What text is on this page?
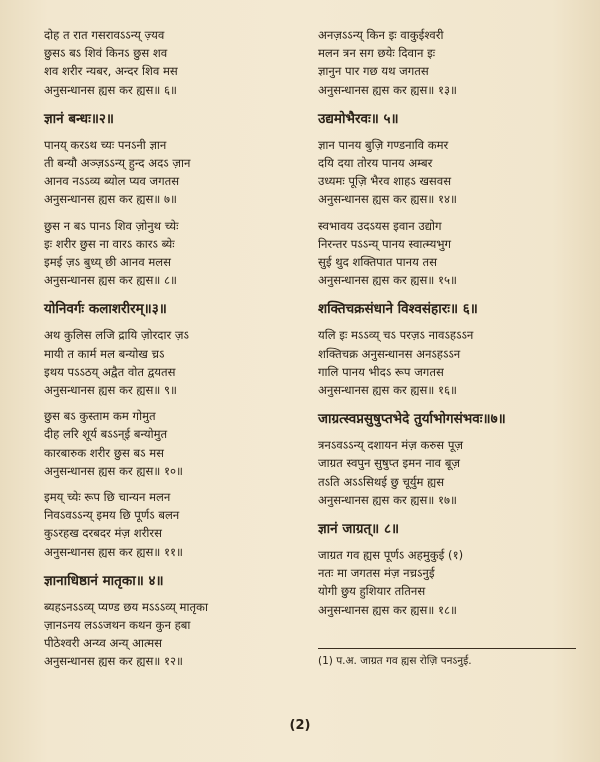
दोह त रात गसरावऽऽन्य् ज़्यव
छुसऽ बऽ शिवं किनऽ छुस शव
शव शरीर न्यबर, अन्दर शिव मस
अनुसन्धानस ह्यस कर ह्यस॥ ६॥
ज्ञानं बन्धः॥२॥
पानय् करऽथ च्यः पनऽनी ज्ञान
ती बन्यौ अञ्ज़ऽऽन्य् हुन्द अदऽ ज़ान
आनव नऽऽव्य ब्योल प्यव जगतस
अनुसन्धानस ह्यस कर ह्यस॥ ७॥
छुस न बऽ पानऽ शिव ज़ोनुथ च्येः
इः शरीर छुस ना वारऽ कारऽ ब्येः
इमई ज़ऽ बुध्य् छी आनव मलस
अनुसन्धानस ह्यस कर ह्यस॥ ८॥
योनिवर्गः कलाशरीरम्॥३॥
अथ कुलिस लजि द्रायि ज़ोरदार ज़ऽ
मायी त कार्म मल बन्योख च्रऽ
इथय पऽऽठय् अद्वैत वोत द्वयतस
अनुसन्धानस ह्यस कर ह्यस॥ ९॥
छुस बऽ कुस्ताम कम गोमुत
दीह लरि शूर्य बऽऽन्ई बन्योमुत
कारबारुक शरीर छुस बऽ मस
अनुसन्धानस ह्यस कर ह्यस॥ १०॥
इमय् च्येः रूप छि चान्यन मलन
निवऽवऽऽन्य् इमय छि पूर्णऽ बलन
कुऽरहख दरबदर मंज़ शरीरस
अनुसन्धानस ह्यस कर ह्यस॥ ११॥
ज्ञानाधिष्ठानं मातृका॥ ४॥
ब्यहऽनऽऽव्य् प्यण्ड छय मऽऽऽव्य् मातृका
ज़ानऽनय लऽऽजथन कथन कुन हबा
पीठेश्वरी अन्य्व अन्य् आत्मस
अनुसन्धानस ह्यस कर ह्यस॥ १२॥
अनज़ऽऽन्य् किन इः वाकुईश्वरी
मलन त्रन सग छयेः दिवान इः
ज्ञानुन पार गछ यथ जगतस
अनुसन्धानस ह्यस कर ह्यस॥ १३॥
उद्यमोभैरवः॥ ५॥
ज्ञान पानय बुज़ि गण्डनावि कमर
दयि दया तोरय पानय अम्बर
उध्यमः पूज़ि भैरव शाहऽ खसवस
अनुसन्धानस ह्यस कर ह्यस॥ १४॥
स्वभावय उदऽयस इवान उद्योग
निरन्तर पऽऽन्य् पानय स्वात्म्यभुग
सुई थुद शक्तिपात पानय तस
अनुसन्धानस ह्यस कर ह्यस॥ १५॥
शक्तिचक्रसंधाने विश्वसंहारः॥ ६॥
यलि इः मऽऽव्य् चऽ परज़ऽ नावऽहऽऽन
शक्तिचक्र अनुसन्धानस अनऽहऽऽन
गालि पानय भीदऽ रूप जगतस
अनुसन्धानस ह्यस कर ह्यस॥ १६॥
जाग्रत्स्वप्नसुषुप्तभेदे तुर्याभोगसंभवः॥७॥
त्रनऽवऽऽन्य् दशायन मंज़ करुस पूज़
जाग्रत स्वपुन सुषुप्त इमन नाव बूज़
तऽति अऽऽसिथई छु चूर्युम ह्यस
अनुसन्धानस ह्यस कर ह्यस॥ १७॥
ज्ञानं जाग्रत्॥ ८॥
जाग्रत गव ह्यस पूर्णऽ अहमुकुई (१)
नतः मा जगतस मंज़ नच्रऽनुई
योगी छुय हुशियार ततिनस
अनुसन्धानस ह्यस कर ह्यस॥ १८॥
(1) प.अ. जाग्रत गव ह्यस रोज़ि पनऽनुई.
(2)
